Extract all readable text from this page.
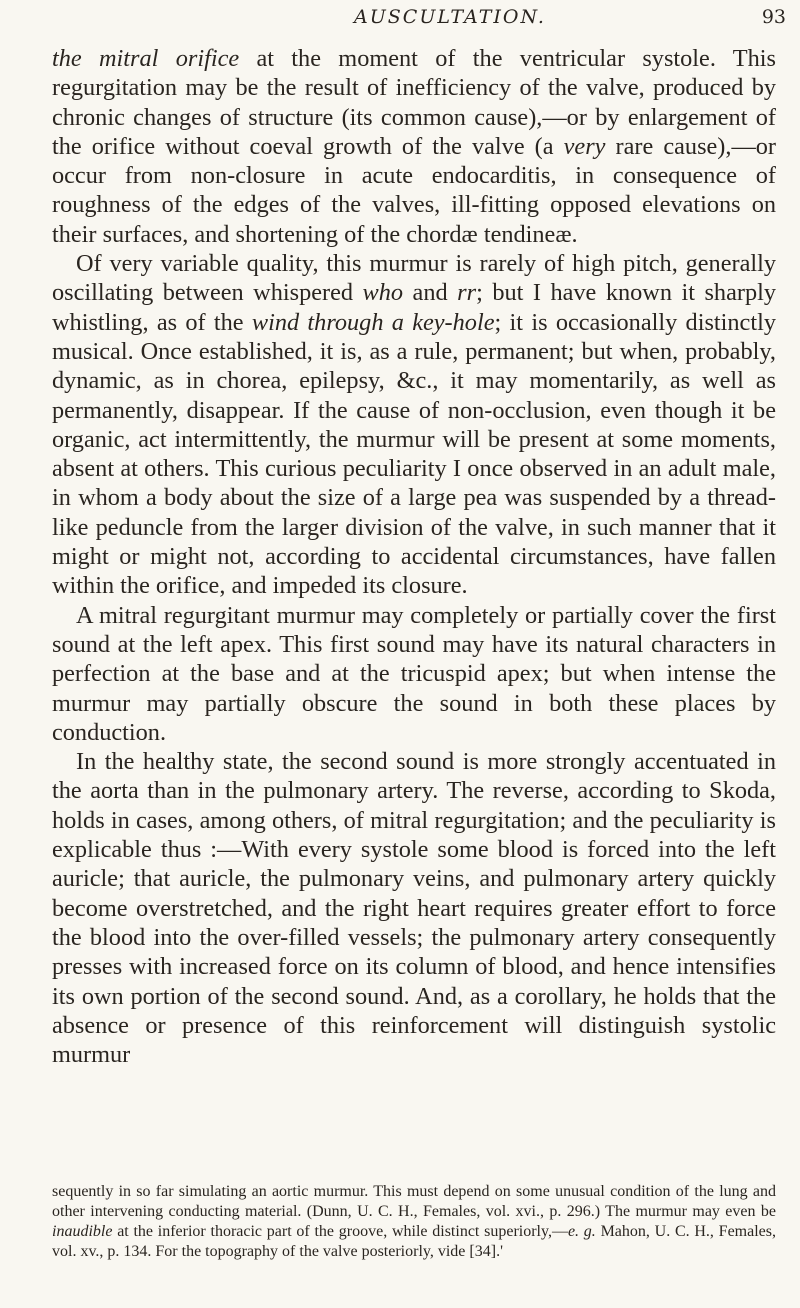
AUSCULTATION.	93

the mitral orifice at the moment of the ventricular systole. This regurgitation may be the result of inefficiency of the valve, produced by chronic changes of structure (its common cause),—or by enlargement of the orifice without coeval growth of the valve (a very rare cause),—or occur from non-closure in acute endocarditis, in consequence of roughness of the edges of the valves, ill-fitting opposed elevations on their surfaces, and shortening of the chordæ tendineæ.

Of very variable quality, this murmur is rarely of high pitch, generally oscillating between whispered who and rr; but I have known it sharply whistling, as of the wind through a key-hole; it is occasionally distinctly musical. Once established, it is, as a rule, permanent; but when, probably, dynamic, as in chorea, epilepsy, &c., it may momentarily, as well as permanently, disappear. If the cause of non-occlusion, even though it be organic, act intermittently, the murmur will be present at some moments, absent at others. This curious peculiarity I once observed in an adult male, in whom a body about the size of a large pea was suspended by a thread-like peduncle from the larger division of the valve, in such manner that it might or might not, according to accidental circumstances, have fallen within the orifice, and impeded its closure.

A mitral regurgitant murmur may completely or partially cover the first sound at the left apex. This first sound may have its natural characters in perfection at the base and at the tricuspid apex; but when intense the murmur may partially obscure the sound in both these places by conduction.

In the healthy state, the second sound is more strongly accentuated in the aorta than in the pulmonary artery. The reverse, according to Skoda, holds in cases, among others, of mitral regurgitation; and the peculiarity is explicable thus :—With every systole some blood is forced into the left auricle; that auricle, the pulmonary veins, and pulmonary artery quickly become overstretched, and the right heart requires greater effort to force the blood into the over-filled vessels; the pulmonary artery consequently presses with increased force on its column of blood, and hence intensifies its own portion of the second sound. And, as a corollary, he holds that the absence or presence of this reinforcement will distinguish systolic murmur

sequently in so far simulating an aortic murmur. This must depend on some unusual condition of the lung and other intervening conducting material. (Dunn, U. C. H., Females, vol. xvi., p. 296.) The murmur may even be inaudible at the inferior thoracic part of the groove, while distinct superiorly,—e. g. Mahon, U. C. H., Females, vol. xv., p. 134. For the topography of the valve posteriorly, vide [34].'
